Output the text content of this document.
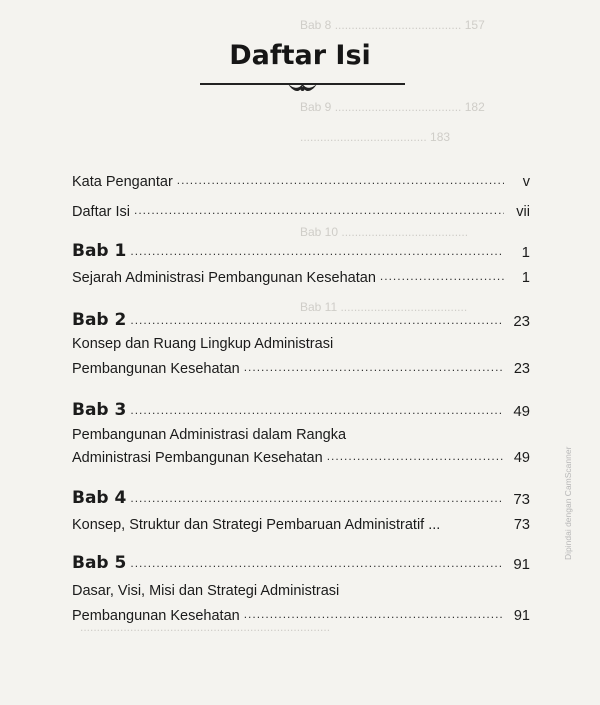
Bab 8 ...................................... 157
Bab 9 ...................................... 182
...................................... 183
Bab 10 ......................................
Bab 11 ......................................
...........................................................................
Daftar Isi
Kata Pengantar .....	v
Daftar Isi .....	vii
Bab 1 .....	1
Sejarah Administrasi Pembangunan Kesehatan .....	1
Bab 2 .....	23
Konsep dan Ruang Lingkup Administrasi
Pembangunan Kesehatan .....	23
Bab 3 .....	49
Pembangunan Administrasi dalam Rangka
Administrasi Pembangunan Kesehatan .....	49
Bab 4 .....	73
Konsep, Struktur dan Strategi Pembaruan Administratif ...	73
Bab 5 .....	91
Dasar, Visi, Misi dan Strategi Administrasi
Pembangunan Kesehatan .....	91
Dipindai dengan CamScanner
